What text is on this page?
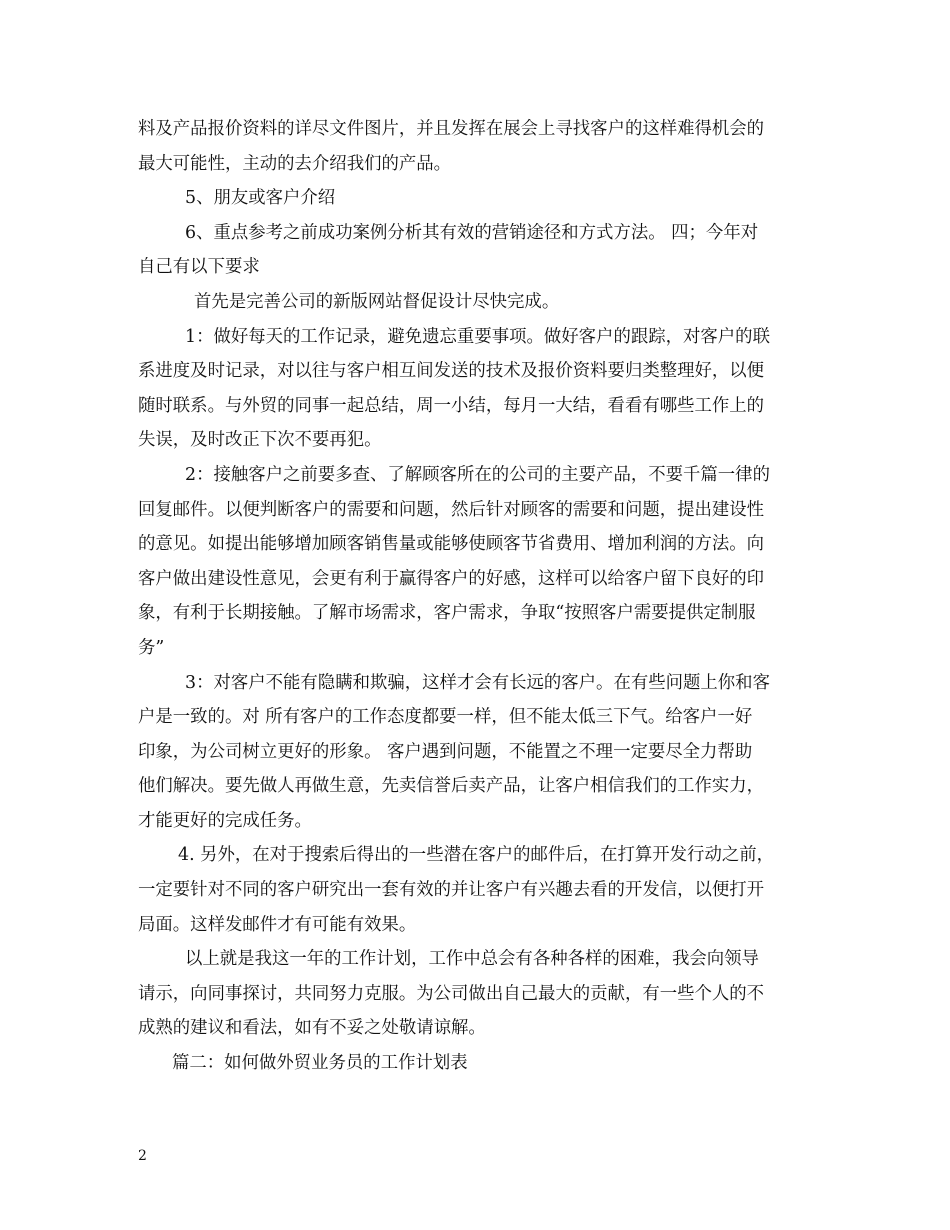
料及产品报价资料的详尽文件图片，并且发挥在展会上寻找客户的这样难得机会的
最大可能性，主动的去介绍我们的产品。
5、朋友或客户介绍
6、重点参考之前成功案例分析其有效的营销途径和方式方法。 四；今年对
自己有以下要求
首先是完善公司的新版网站督促设计尽快完成。
1：做好每天的工作记录，避免遗忘重要事项。做好客户的跟踪，对客户的联
系进度及时记录，对以往与客户相互间发送的技术及报价资料要归类整理好，以便
随时联系。与外贸的同事一起总结，周一小结，每月一大结，看看有哪些工作上的
失误，及时改正下次不要再犯。
2：接触客户之前要多查、了解顾客所在的公司的主要产品，不要千篇一律的
回复邮件。以便判断客户的需要和问题，然后针对顾客的需要和问题，提出建设性
的意见。如提出能够增加顾客销售量或能够使顾客节省费用、增加利润的方法。向
客户做出建设性意见，会更有利于赢得客户的好感，这样可以给客户留下良好的印
象，有利于长期接触。了解市场需求，客户需求，争取“按照客户需要提供定制服
务”
3：对客户不能有隐瞒和欺骗，这样才会有长远的客户。在有些问题上你和客
户是一致的。对 所有客户的工作态度都要一样，但不能太低三下气。给客户一好
印象，为公司树立更好的形象。 客户遇到问题，不能置之不理一定要尽全力帮助
他们解决。要先做人再做生意，先卖信誉后卖产品，让客户相信我们的工作实力，
才能更好的完成任务。
4. 另外，在对于搜索后得出的一些潜在客户的邮件后，在打算开发行动之前，
一定要针对不同的客户研究出一套有效的并让客户有兴趣去看的开发信，以便打开
局面。这样发邮件才有可能有效果。
以上就是我这一年的工作计划，工作中总会有各种各样的困难，我会向领导
请示，向同事探讨，共同努力克服。为公司做出自己最大的贡献，有一些个人的不
成熟的建议和看法，如有不妥之处敬请谅解。
篇二：如何做外贸业务员的工作计划表
2
